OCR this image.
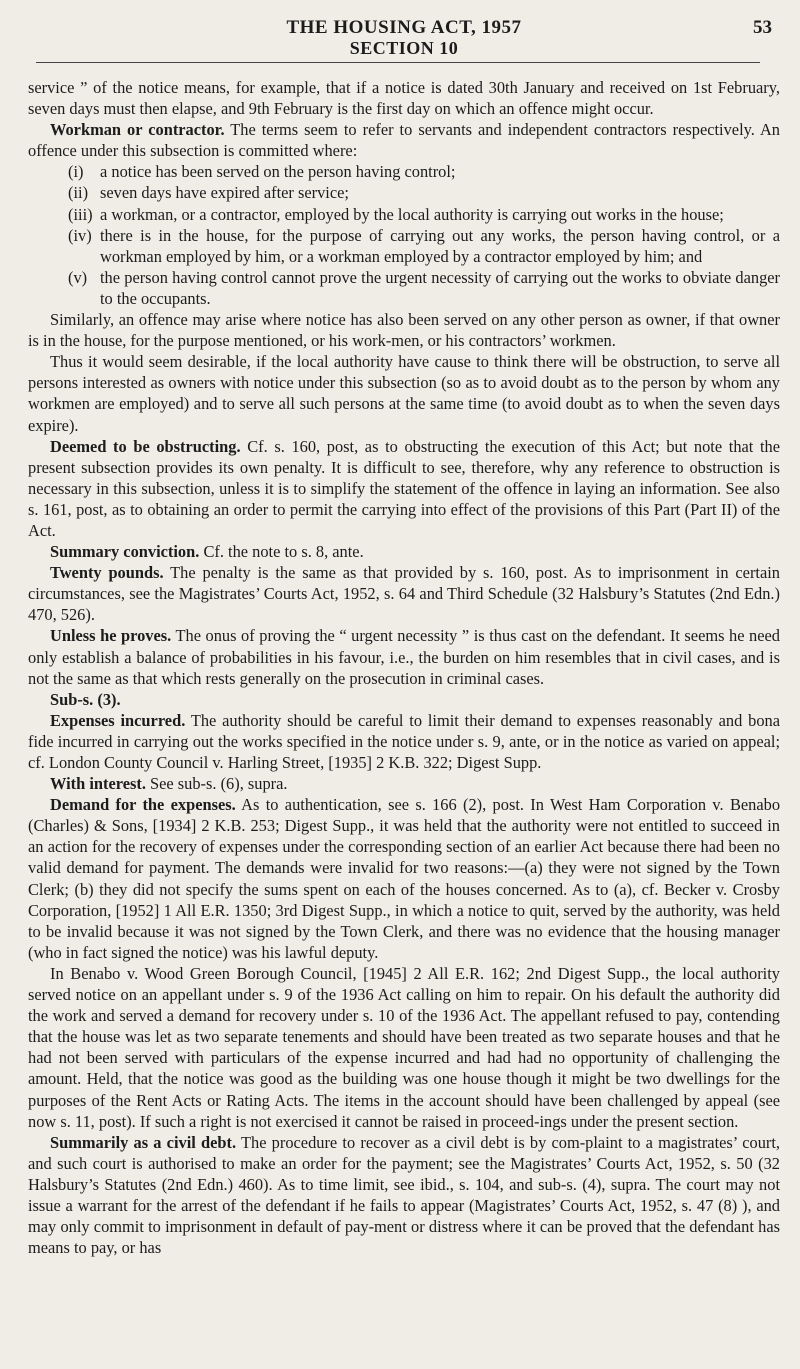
THE HOUSING ACT, 1957	53
SECTION 10

service ” of the notice means, for example, that if a notice is dated 30th January and received on 1st February, seven days must then elapse, and 9th February is the first day on which an offence might occur.

Workman or contractor. The terms seem to refer to servants and independent contractors respectively. An offence under this subsection is committed where:

(i) a notice has been served on the person having control;
(ii) seven days have expired after service;
(iii) a workman, or a contractor, employed by the local authority is carrying out works in the house;
(iv) there is in the house, for the purpose of carrying out any works, the person having control, or a workman employed by him, or a workman employed by a contractor employed by him; and
(v) the person having control cannot prove the urgent necessity of carrying out the works to obviate danger to the occupants.

Similarly, an offence may arise where notice has also been served on any other person as owner, if that owner is in the house, for the purpose mentioned, or his work-men, or his contractors’ workmen.

Thus it would seem desirable, if the local authority have cause to think there will be obstruction, to serve all persons interested as owners with notice under this subsection (so as to avoid doubt as to the person by whom any workmen are employed) and to serve all such persons at the same time (to avoid doubt as to when the seven days expire).

Deemed to be obstructing. Cf. s. 160, post, as to obstructing the execution of this Act; but note that the present subsection provides its own penalty. It is difficult to see, therefore, why any reference to obstruction is necessary in this subsection, unless it is to simplify the statement of the offence in laying an information. See also s. 161, post, as to obtaining an order to permit the carrying into effect of the provisions of this Part (Part II) of the Act.

Summary conviction. Cf. the note to s. 8, ante.

Twenty pounds. The penalty is the same as that provided by s. 160, post. As to imprisonment in certain circumstances, see the Magistrates’ Courts Act, 1952, s. 64 and Third Schedule (32 Halsbury’s Statutes (2nd Edn.) 470, 526).

Unless he proves. The onus of proving the “ urgent necessity ” is thus cast on the defendant. It seems he need only establish a balance of probabilities in his favour, i.e., the burden on him resembles that in civil cases, and is not the same as that which rests generally on the prosecution in criminal cases.

Sub-s. (3).

Expenses incurred. The authority should be careful to limit their demand to expenses reasonably and bona fide incurred in carrying out the works specified in the notice under s. 9, ante, or in the notice as varied on appeal; cf. London County Council v. Harling Street, [1935] 2 K.B. 322; Digest Supp.

With interest. See sub-s. (6), supra.

Demand for the expenses. As to authentication, see s. 166 (2), post. In West Ham Corporation v. Benabo (Charles) & Sons, [1934] 2 K.B. 253; Digest Supp., it was held that the authority were not entitled to succeed in an action for the recovery of expenses under the corresponding section of an earlier Act because there had been no valid demand for payment. The demands were invalid for two reasons:—(a) they were not signed by the Town Clerk; (b) they did not specify the sums spent on each of the houses concerned. As to (a), cf. Becker v. Crosby Corporation, [1952] 1 All E.R. 1350; 3rd Digest Supp., in which a notice to quit, served by the authority, was held to be invalid because it was not signed by the Town Clerk, and there was no evidence that the housing manager (who in fact signed the notice) was his lawful deputy.

In Benabo v. Wood Green Borough Council, [1945] 2 All E.R. 162; 2nd Digest Supp., the local authority served notice on an appellant under s. 9 of the 1936 Act calling on him to repair. On his default the authority did the work and served a demand for recovery under s. 10 of the 1936 Act. The appellant refused to pay, contending that the house was let as two separate tenements and should have been treated as two separate houses and that he had not been served with particulars of the expense incurred and had had no opportunity of challenging the amount. Held, that the notice was good as the building was one house though it might be two dwellings for the purposes of the Rent Acts or Rating Acts. The items in the account should have been challenged by appeal (see now s. 11, post). If such a right is not exercised it cannot be raised in proceed-ings under the present section.

Summarily as a civil debt. The procedure to recover as a civil debt is by com-plaint to a magistrates’ court, and such court is authorised to make an order for the payment; see the Magistrates’ Courts Act, 1952, s. 50 (32 Halsbury’s Statutes (2nd Edn.) 460). As to time limit, see ibid., s. 104, and sub-s. (4), supra. The court may not issue a warrant for the arrest of the defendant if he fails to appear (Magistrates’ Courts Act, 1952, s. 47 (8) ), and may only commit to imprisonment in default of pay-ment or distress where it can be proved that the defendant has means to pay, or has
